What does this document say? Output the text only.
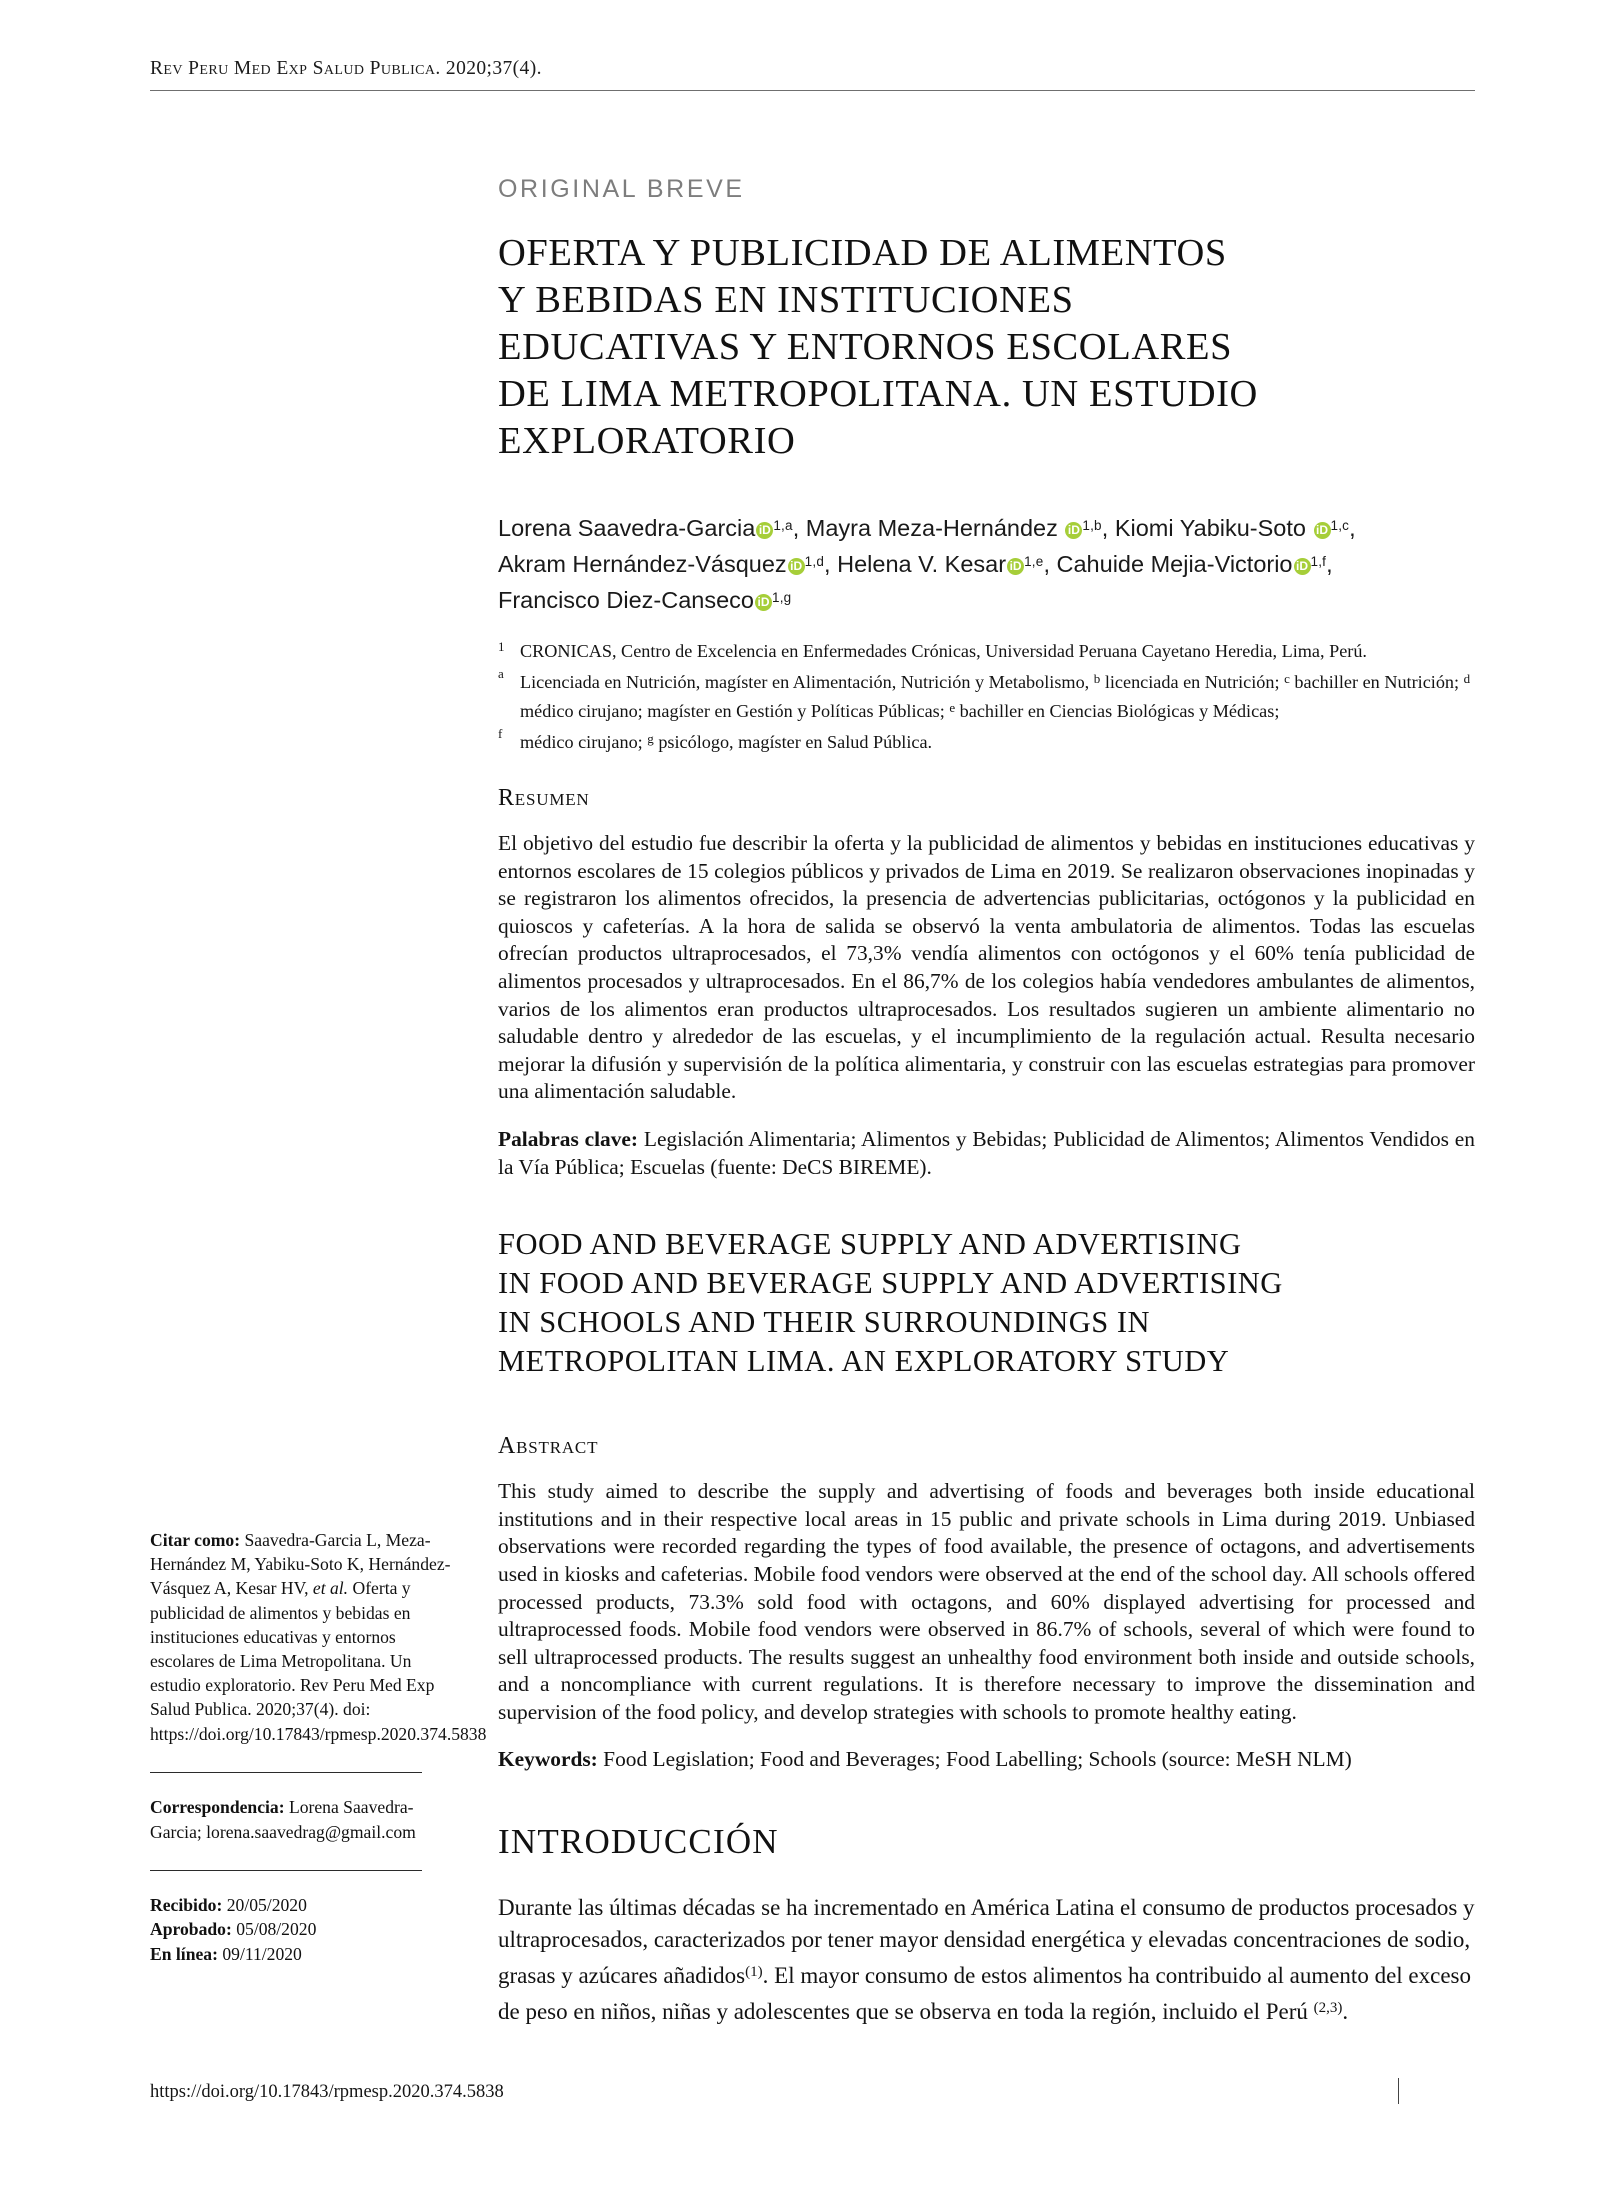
Rev Peru Med Exp Salud Publica. 2020;37(4).
ORIGINAL BREVE
OFERTA Y PUBLICIDAD DE ALIMENTOS
Y BEBIDAS EN INSTITUCIONES
EDUCATIVAS Y ENTORNOS ESCOLARES
DE LIMA METROPOLITANA. UN ESTUDIO
EXPLORATORIO
Lorena Saavedra-Garcia iD $^{1,a}$, Mayra Meza-Hernández iD $^{1,b}$, Kiomi Yabiku-Soto iD $^{1,c}$,
Akram Hernández-Vásquez iD $^{1,d}$, Helena V. Kesar iD $^{1,e}$, Cahuide Mejia-Victorio iD $^{1,f}$,
Francisco Diez-Canseco iD $^{1,g}$
1 CRONICAS, Centro de Excelencia en Enfermedades Crónicas, Universidad Peruana Cayetano Heredia, Lima, Perú.
a Licenciada en Nutrición, magíster en Alimentación, Nutrición y Metabolismo, $^b$ licenciada en Nutrición; $^c$ bachiller en Nutrición; $^d$ médico cirujano; magíster en Gestión y Políticas Públicas; $^e$ bachiller en Ciencias Biológicas y Médicas;
f médico cirujano; $^g$ psicólogo, magíster en Salud Pública.
Resumen

El objetivo del estudio fue describir la oferta y la publicidad de alimentos y bebidas en instituciones educativas y entornos escolares de 15 colegios públicos y privados de Lima en 2019. Se realizaron observaciones inopinadas y se registraron los alimentos ofrecidos, la presencia de advertencias publicitarias, octógonos y la publicidad en quioscos y cafeterías. A la hora de salida se observó la venta ambulatoria de alimentos. Todas las escuelas ofrecían productos ultraprocesados, el 73,3% vendía alimentos con octógonos y el 60% tenía publicidad de alimentos procesados y ultraprocesados. En el 86,7% de los colegios había vendedores ambulantes de alimentos, varios de los alimentos eran productos ultraprocesados. Los resultados sugieren un ambiente alimentario no saludable dentro y alrededor de las escuelas, y el incumplimiento de la regulación actual. Resulta necesario mejorar la difusión y supervisión de la política alimentaria, y construir con las escuelas estrategias para promover una alimentación saludable.

Palabras clave: Legislación Alimentaria; Alimentos y Bebidas; Publicidad de Alimentos; Alimentos Vendidos en la Vía Pública; Escuelas (fuente: DeCS BIREME).

FOOD AND BEVERAGE SUPPLY AND ADVERTISING
IN FOOD AND BEVERAGE SUPPLY AND ADVERTISING
IN SCHOOLS AND THEIR SURROUNDINGS IN
METROPOLITAN LIMA. AN EXPLORATORY STUDY
Abstract

This study aimed to describe the supply and advertising of foods and beverages both inside educational institutions and in their respective local areas in 15 public and private schools in Lima during 2019. Unbiased observations were recorded regarding the types of food available, the presence of octagons, and advertisements used in kiosks and cafeterias. Mobile food vendors were observed at the end of the school day. All schools offered processed products, 73.3% sold food with octagons, and 60% displayed advertising for processed and ultraprocessed foods. Mobile food vendors were observed in 86.7% of schools, several of which were found to sell ultraprocessed products. The results suggest an unhealthy food environment both inside and outside schools, and a noncompliance with current regulations. It is therefore necessary to improve the dissemination and supervision of the food policy, and develop strategies with schools to promote healthy eating.

Keywords: Food Legislation; Food and Beverages; Food Labelling; Schools (source: MeSH NLM)

INTRODUCCIÓN

Durante las últimas décadas se ha incrementado en América Latina el consumo de productos procesados y ultraprocesados, caracterizados por tener mayor densidad energética y elevadas concentraciones de sodio, grasas y azúcares añadidos$^{(1)}$. El mayor consumo de estos alimentos ha contribuido al aumento del exceso de peso en niños, niñas y adolescentes que se observa en toda la región, incluido el Perú $^{(2,3)}$.

Citar como: Saavedra-Garcia L, Meza-Hernández M, Yabiku-Soto K, Hernández-Vásquez A, Kesar HV, et al. Oferta y publicidad de alimentos y bebidas en instituciones educativas y entornos escolares de Lima Metropolitana. Un estudio exploratorio. Rev Peru Med Exp Salud Publica. 2020;37(4). doi: https://doi.org/10.17843/rpmesp.2020.374.5838

Correspondencia: Lorena Saavedra-Garcia; lorena.saavedrag@gmail.com

Recibido: 20/05/2020
Aprobado: 05/08/2020
En línea: 09/11/2020

https://doi.org/10.17843/rpmesp.2020.374.5838
